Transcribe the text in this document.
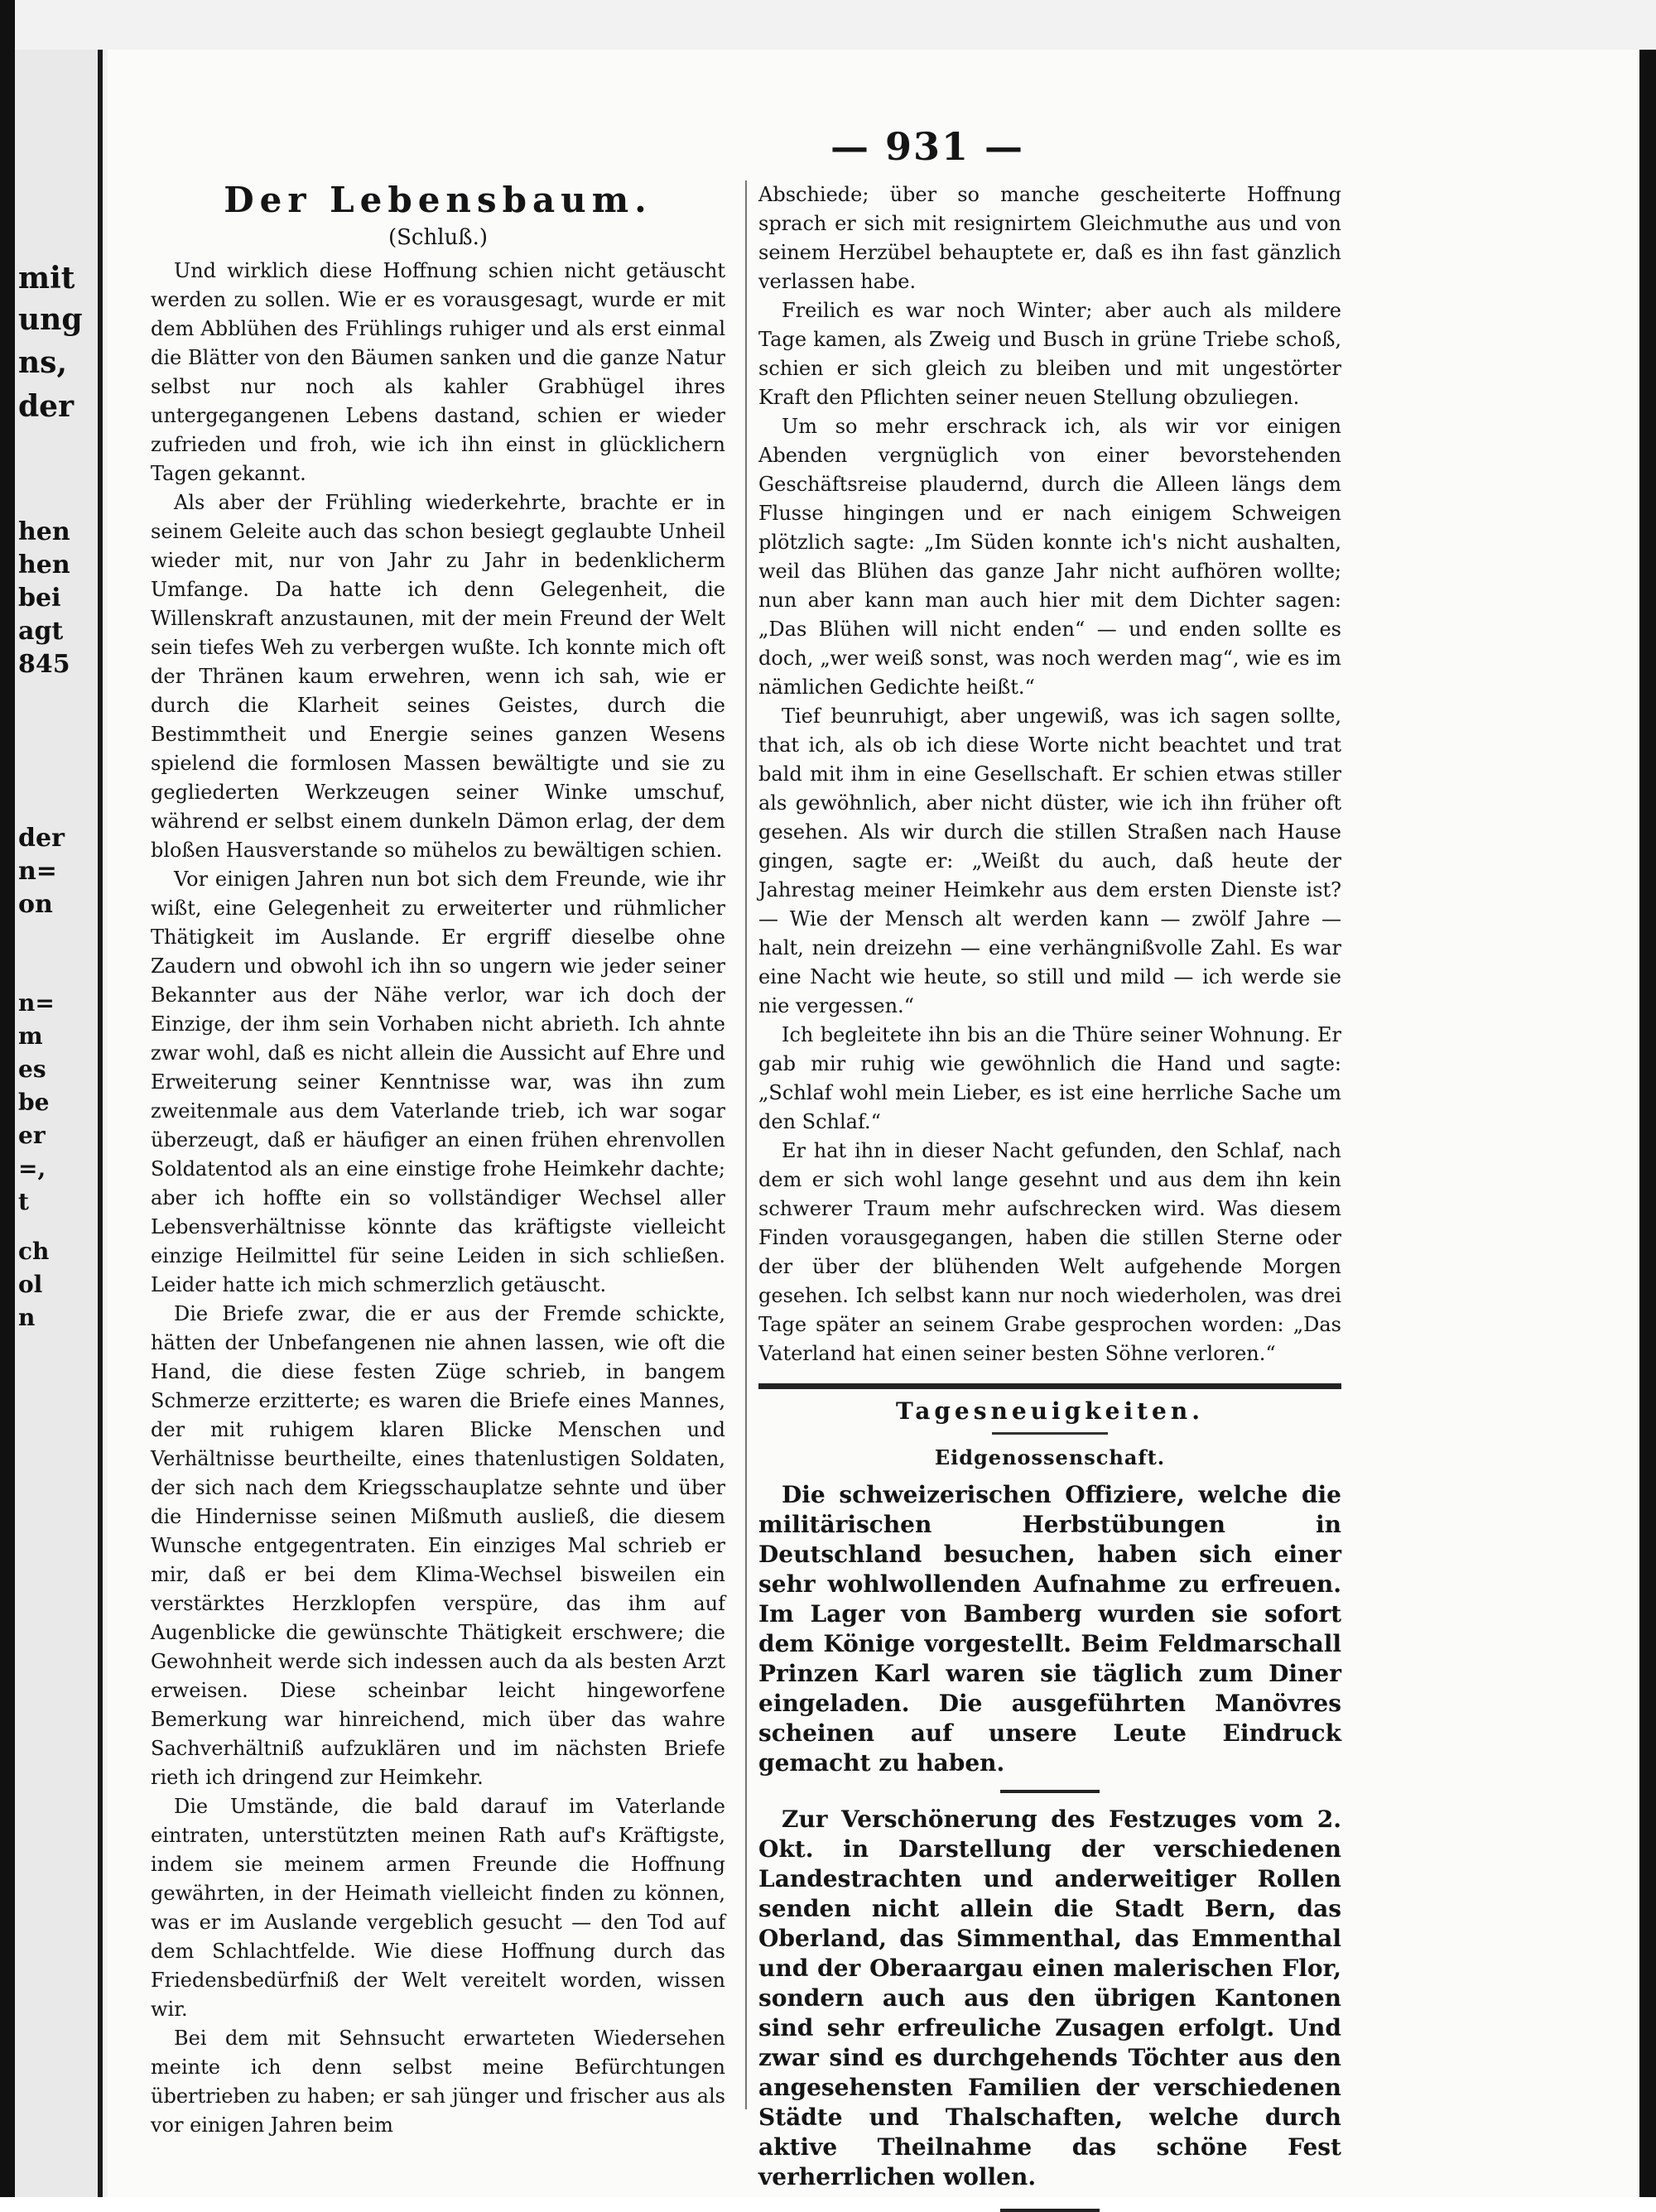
mit
ung
ns,
der
hen
hen
bei
agt
845
der
n=
on
n=
m
es
be
er
=,
t
ch
ol
n
— 931 —
Der Lebensbaum.
(Schluß.)

Und wirklich diese Hoffnung schien nicht getäuscht werden zu sollen. Wie er es vorausgesagt, wurde er mit dem Abblühen des Frühlings ruhiger und als erst einmal die Blätter von den Bäumen sanken und die ganze Natur selbst nur noch als kahler Grabhügel ihres untergegangenen Lebens dastand, schien er wieder zufrieden und froh, wie ich ihn einst in glücklichern Tagen gekannt.

Als aber der Frühling wiederkehrte, brachte er in seinem Geleite auch das schon besiegt geglaubte Unheil wieder mit, nur von Jahr zu Jahr in bedenklicherm Umfange. Da hatte ich denn Gelegenheit, die Willenskraft anzustaunen, mit der mein Freund der Welt sein tiefes Weh zu verbergen wußte. Ich konnte mich oft der Thränen kaum erwehren, wenn ich sah, wie er durch die Klarheit seines Geistes, durch die Bestimmtheit und Energie seines ganzen Wesens spielend die formlosen Massen bewältigte und sie zu gegliederten Werkzeugen seiner Winke umschuf, während er selbst einem dunkeln Dämon erlag, der dem bloßen Hausverstande so mühelos zu bewältigen schien.

Vor einigen Jahren nun bot sich dem Freunde, wie ihr wißt, eine Gelegenheit zu erweiterter und rühmlicher Thätigkeit im Auslande. Er ergriff dieselbe ohne Zaudern und obwohl ich ihn so ungern wie jeder seiner Bekannter aus der Nähe verlor, war ich doch der Einzige, der ihm sein Vorhaben nicht abrieth. Ich ahnte zwar wohl, daß es nicht allein die Aussicht auf Ehre und Erweiterung seiner Kenntnisse war, was ihn zum zweitenmale aus dem Vaterlande trieb, ich war sogar überzeugt, daß er häufiger an einen frühen ehrenvollen Soldatentod als an eine einstige frohe Heimkehr dachte; aber ich hoffte ein so vollständiger Wechsel aller Lebensverhältnisse könnte das kräftigste vielleicht einzige Heilmittel für seine Leiden in sich schließen. Leider hatte ich mich schmerzlich getäuscht.

Die Briefe zwar, die er aus der Fremde schickte, hätten der Unbefangenen nie ahnen lassen, wie oft die Hand, die diese festen Züge schrieb, in bangem Schmerze erzitterte; es waren die Briefe eines Mannes, der mit ruhigem klaren Blicke Menschen und Verhältnisse beurtheilte, eines thatenlustigen Soldaten, der sich nach dem Kriegsschauplatze sehnte und über die Hindernisse seinen Mißmuth ausließ, die diesem Wunsche entgegentraten. Ein einziges Mal schrieb er mir, daß er bei dem Klima-Wechsel bisweilen ein verstärktes Herzklopfen verspüre, das ihm auf Augenblicke die gewünschte Thätigkeit erschwere; die Gewohnheit werde sich indessen auch da als besten Arzt erweisen. Diese scheinbar leicht hingeworfene Bemerkung war hinreichend, mich über das wahre Sachverhältniß aufzuklären und im nächsten Briefe rieth ich dringend zur Heimkehr.

Die Umstände, die bald darauf im Vaterlande eintraten, unterstützten meinen Rath auf's Kräftigste, indem sie meinem armen Freunde die Hoffnung gewährten, in der Heimath vielleicht finden zu können, was er im Auslande vergeblich gesucht — den Tod auf dem Schlachtfelde. Wie diese Hoffnung durch das Friedensbedürfniß der Welt vereitelt worden, wissen wir.

Bei dem mit Sehnsucht erwarteten Wiedersehen meinte ich denn selbst meine Befürchtungen übertrieben zu haben; er sah jünger und frischer aus als vor einigen Jahren beim

Abschiede; über so manche gescheiterte Hoffnung sprach er sich mit resignirtem Gleichmuthe aus und von seinem Herzübel behauptete er, daß es ihn fast gänzlich verlassen habe.

Freilich es war noch Winter; aber auch als mildere Tage kamen, als Zweig und Busch in grüne Triebe schoß, schien er sich gleich zu bleiben und mit ungestörter Kraft den Pflichten seiner neuen Stellung obzuliegen.

Um so mehr erschrack ich, als wir vor einigen Abenden vergnüglich von einer bevorstehenden Geschäftsreise plaudernd, durch die Alleen längs dem Flusse hingingen und er nach einigem Schweigen plötzlich sagte: „Im Süden konnte ich's nicht aushalten, weil das Blühen das ganze Jahr nicht aufhören wollte; nun aber kann man auch hier mit dem Dichter sagen: „Das Blühen will nicht enden“ — und enden sollte es doch, „wer weiß sonst, was noch werden mag“, wie es im nämlichen Gedichte heißt.“

Tief beunruhigt, aber ungewiß, was ich sagen sollte, that ich, als ob ich diese Worte nicht beachtet und trat bald mit ihm in eine Gesellschaft. Er schien etwas stiller als gewöhnlich, aber nicht düster, wie ich ihn früher oft gesehen. Als wir durch die stillen Straßen nach Hause gingen, sagte er: „Weißt du auch, daß heute der Jahrestag meiner Heimkehr aus dem ersten Dienste ist? — Wie der Mensch alt werden kann — zwölf Jahre — halt, nein dreizehn — eine verhängnißvolle Zahl. Es war eine Nacht wie heute, so still und mild — ich werde sie nie vergessen.“

Ich begleitete ihn bis an die Thüre seiner Wohnung. Er gab mir ruhig wie gewöhnlich die Hand und sagte: „Schlaf wohl mein Lieber, es ist eine herrliche Sache um den Schlaf.“

Er hat ihn in dieser Nacht gefunden, den Schlaf, nach dem er sich wohl lange gesehnt und aus dem ihn kein schwerer Traum mehr aufschrecken wird. Was diesem Finden vorausgegangen, haben die stillen Sterne oder der über der blühenden Welt aufgehende Morgen gesehen. Ich selbst kann nur noch wiederholen, was drei Tage später an seinem Grabe gesprochen worden: „Das Vaterland hat einen seiner besten Söhne verloren.“

Tagesneuigkeiten.
Eidgenossenschaft.

Die schweizerischen Offiziere, welche die militärischen Herbstübungen in Deutschland besuchen, haben sich einer sehr wohlwollenden Aufnahme zu erfreuen. Im Lager von Bamberg wurden sie sofort dem Könige vorgestellt. Beim Feldmarschall Prinzen Karl waren sie täglich zum Diner eingeladen. Die ausgeführten Manövres scheinen auf unsere Leute Eindruck gemacht zu haben.

Zur Verschönerung des Festzuges vom 2. Okt. in Darstellung der verschiedenen Landestrachten und anderweitiger Rollen senden nicht allein die Stadt Bern, das Oberland, das Simmenthal, das Emmenthal und der Oberaargau einen malerischen Flor, sondern auch aus den übrigen Kantonen sind sehr erfreuliche Zusagen erfolgt. Und zwar sind es durchgehends Töchter aus den angesehensten Familien der verschiedenen Städte und Thalschaften, welche durch aktive Theilnahme das schöne Fest verherrlichen wollen.
